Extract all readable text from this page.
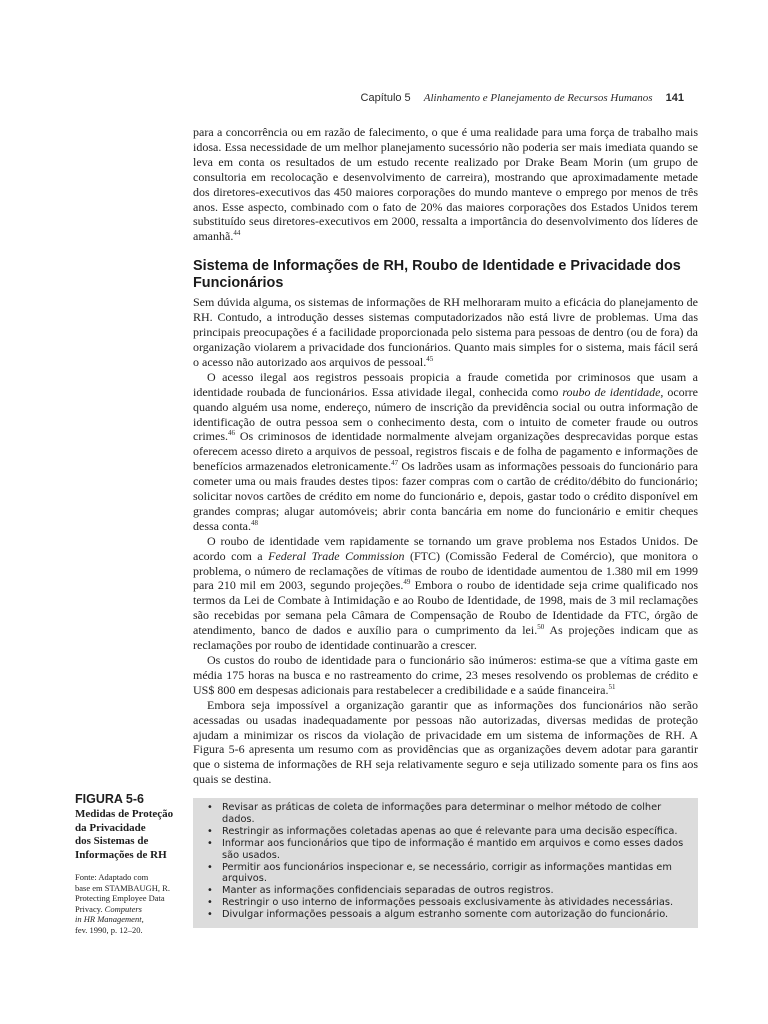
Capítulo 5 Alinhamento e Planejamento de Recursos Humanos 141

para a concorrência ou em razão de falecimento, o que é uma realidade para uma força de trabalho mais idosa. Essa necessidade de um melhor planejamento sucessório não poderia ser mais imediata quando se leva em conta os resultados de um estudo recente realizado por Drake Beam Morin (um grupo de consultoria em recolocação e desenvolvimento de carreira), mostrando que aproximadamente metade dos diretores-executivos das 450 maiores corporações do mundo manteve o emprego por menos de três anos. Esse aspecto, combinado com o fato de 20% das maiores corporações dos Estados Unidos terem substituído seus diretores-executivos em 2000, ressalta a importância do desenvolvimento dos líderes de amanhã.$^{44}$

Sistema de Informações de RH, Roubo de Identidade e Privacidade dos Funcionários

Sem dúvida alguma, os sistemas de informações de RH melhoraram muito a eficácia do planejamento de RH. Contudo, a introdução desses sistemas computadorizados não está livre de problemas. Uma das principais preocupações é a facilidade proporcionada pelo sistema para pessoas de dentro (ou de fora) da organização violarem a privacidade dos funcionários. Quanto mais simples for o sistema, mais fácil será o acesso não autorizado aos arquivos de pessoal.$^{45}$

O acesso ilegal aos registros pessoais propicia a fraude cometida por criminosos que usam a identidade roubada de funcionários. Essa atividade ilegal, conhecida como roubo de identidade, ocorre quando alguém usa nome, endereço, número de inscrição da previdência social ou outra informação de identificação de outra pessoa sem o conhecimento desta, com o intuito de cometer fraude ou outros crimes.$^{46}$ Os criminosos de identidade normalmente alvejam organizações desprecavidas porque estas oferecem acesso direto a arquivos de pessoal, registros fiscais e de folha de pagamento e informações de benefícios armazenados eletronicamente.$^{47}$ Os ladrões usam as informações pessoais do funcionário para cometer uma ou mais fraudes destes tipos: fazer compras com o cartão de crédito/débito do funcionário; solicitar novos cartões de crédito em nome do funcionário e, depois, gastar todo o crédito disponível em grandes compras; alugar automóveis; abrir conta bancária em nome do funcionário e emitir cheques dessa conta.$^{48}$

O roubo de identidade vem rapidamente se tornando um grave problema nos Estados Unidos. De acordo com a Federal Trade Commission (FTC) (Comissão Federal de Comércio), que monitora o problema, o número de reclamações de vítimas de roubo de identidade aumentou de 1.380 mil em 1999 para 210 mil em 2003, segundo projeções.$^{49}$ Embora o roubo de identidade seja crime qualificado nos termos da Lei de Combate à Intimidação e ao Roubo de Identidade, de 1998, mais de 3 mil reclamações são recebidas por semana pela Câmara de Compensação de Roubo de Identidade da FTC, órgão de atendimento, banco de dados e auxílio para o cumprimento da lei.$^{50}$ As projeções indicam que as reclamações por roubo de identidade continuarão a crescer.

Os custos do roubo de identidade para o funcionário são inúmeros: estima-se que a vítima gaste em média 175 horas na busca e no rastreamento do crime, 23 meses resolvendo os problemas de crédito e US$ 800 em despesas adicionais para restabelecer a credibilidade e a saúde financeira.$^{51}$

Embora seja impossível a organização garantir que as informações dos funcionários não serão acessadas ou usadas inadequadamente por pessoas não autorizadas, diversas medidas de proteção ajudam a minimizar os riscos da violação de privacidade em um sistema de informações de RH. A Figura 5-6 apresenta um resumo com as providências que as organizações devem adotar para garantir que o sistema de informações de RH seja relativamente seguro e seja utilizado somente para os fins aos quais se destina.

FIGURA 5-6
Medidas de Proteção
da Privacidade
dos Sistemas de
Informações de RH
Fonte: Adaptado com
base em STAMBAUGH, R.
Protecting Employee Data
Privacy. Computers
in HR Management,
fev. 1990, p. 12–20.
• Revisar as práticas de coleta de informações para determinar o melhor método de colher dados.
• Restringir as informações coletadas apenas ao que é relevante para uma decisão específica.
• Informar aos funcionários que tipo de informação é mantido em arquivos e como esses dados são usados.
• Permitir aos funcionários inspecionar e, se necessário, corrigir as informações mantidas em arquivos.
• Manter as informações confidenciais separadas de outros registros.
• Restringir o uso interno de informações pessoais exclusivamente às atividades necessárias.
• Divulgar informações pessoais a algum estranho somente com autorização do funcionário.
